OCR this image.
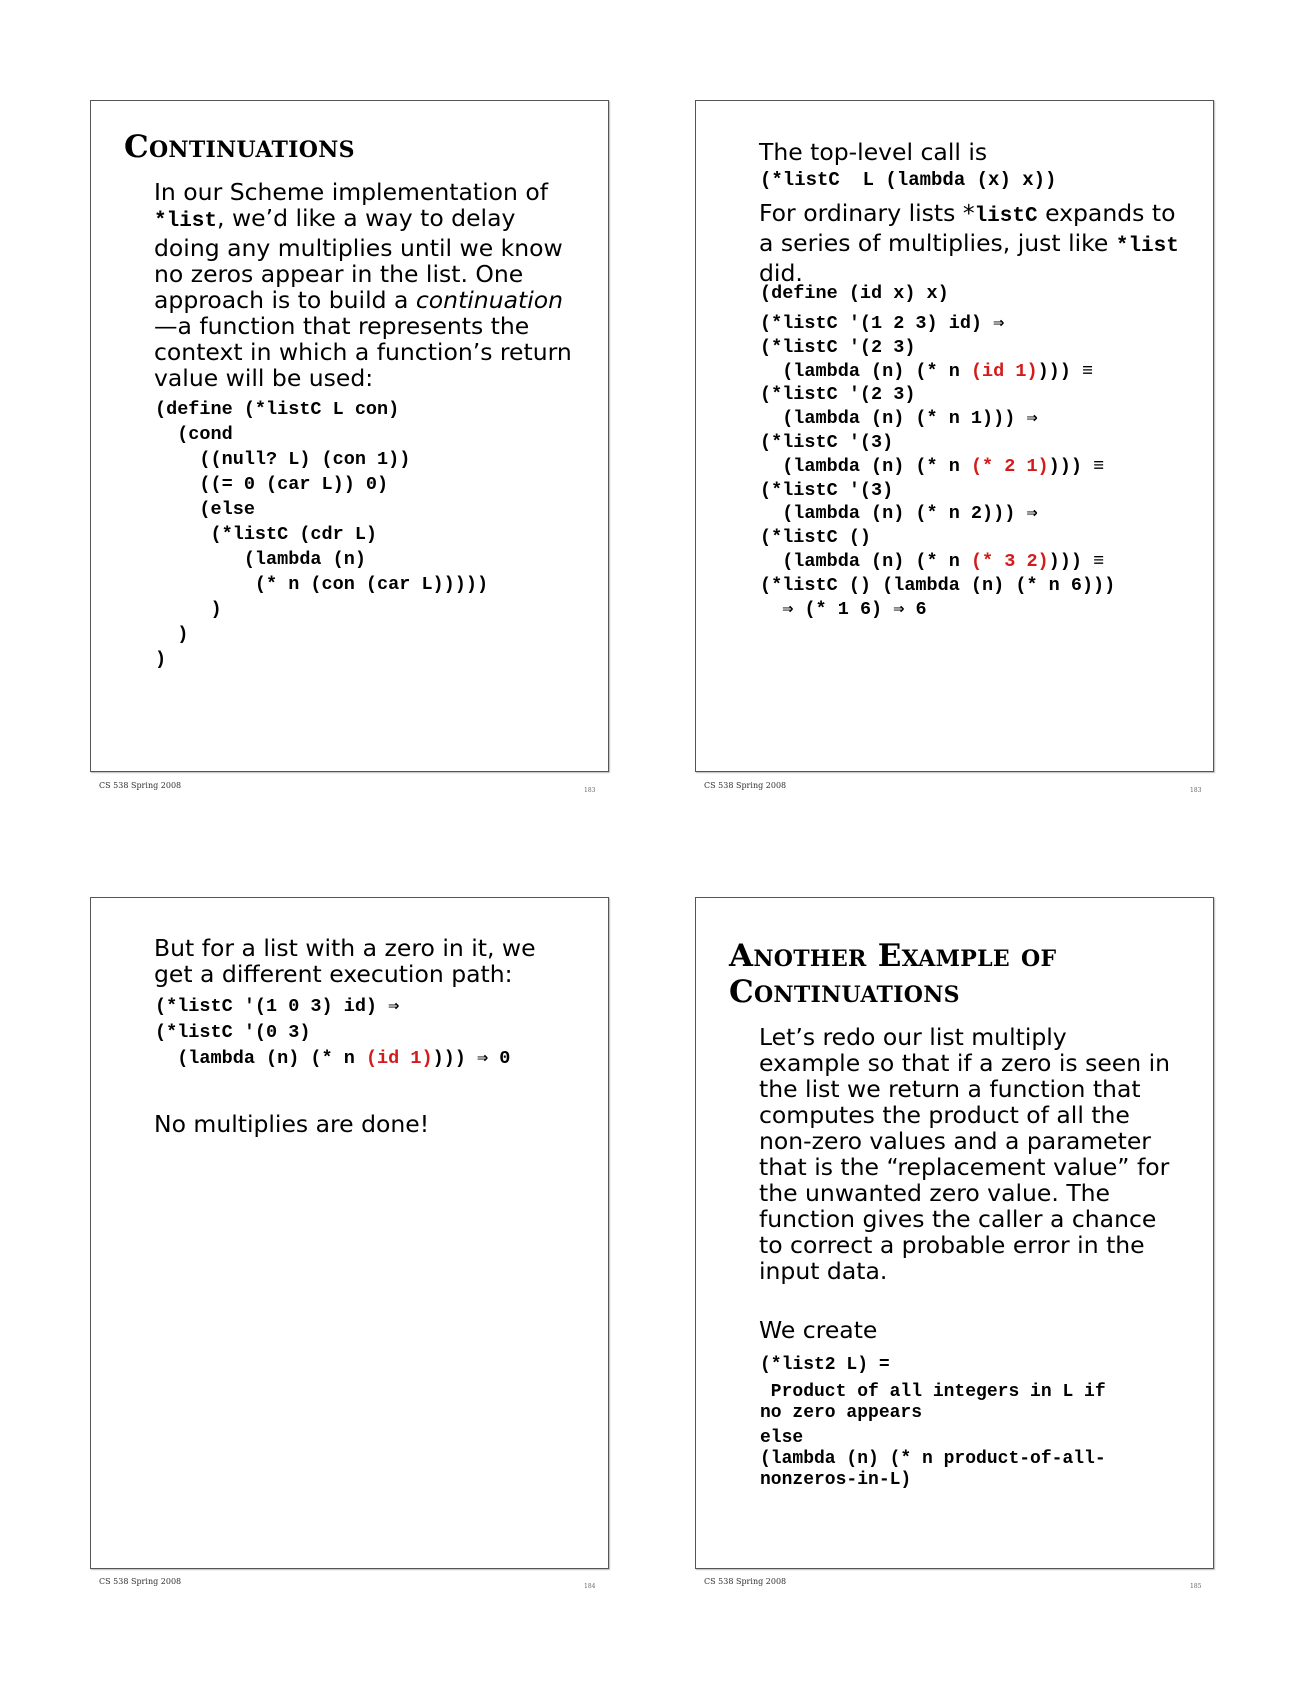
Continuations
In our Scheme implementation of *list, we’d like a way to delay doing any multiplies until we know no zeros appear in the list. One approach is to build a continuation—a function that represents the context in which a function’s return value will be used:
(define (*listC L con)
(cond
((null? L) (con 1))
((= 0 (car L)) 0)
(else
(*listC (cdr L)
(lambda (n)
(* n (con (car L)))))
)
)
)
CS 538 Spring 2008
183
The top-level call is
(*listC  L (lambda (x) x))
For ordinary lists *listC expands to a series of multiplies, just like *list did.
(define (id x) x)
(*listC '(1 2 3) id) ⇒
(*listC '(2 3)
(lambda (n) (* n (id 1)))) ≡
(*listC '(2 3)
(lambda (n) (* n 1))) ⇒
(*listC '(3)
(lambda (n) (* n (* 2 1)))) ≡
(*listC '(3)
(lambda (n) (* n 2))) ⇒
(*listC ()
(lambda (n) (* n (* 3 2)))) ≡
(*listC () (lambda (n) (* n 6)))
⇒ (* 1 6) ⇒ 6
CS 538 Spring 2008
183
But for a list with a zero in it, we get a different execution path:
(*listC '(1 0 3) id) ⇒
(*listC '(0 3)
(lambda (n) (* n (id 1)))) ⇒ 0
No multiplies are done!
CS 538 Spring 2008
184
Another Example of
Continuations
Let’s redo our list multiply example so that if a zero is seen in the list we return a function that computes the product of all the non-zero values and a parameter that is the “replacement value” for the unwanted zero value. The function gives the caller a chance to correct a probable error in the input data.
We create
(*list2 L) =
Product of all integers in L if
no zero appears
else
(lambda (n) (* n product-of-all-
nonzeros-in-L)
CS 538 Spring 2008
185
